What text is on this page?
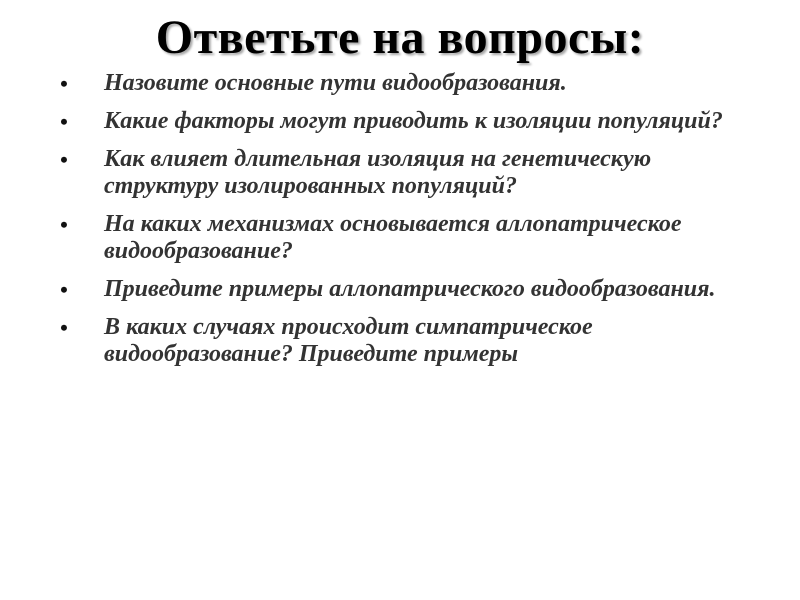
Ответьте на вопросы:
• Назовите основные пути видообразования.
• Какие факторы могут приводить к изоляции популяций?
• Как влияет длительная изоляция на генетическую структуру изолированных популяций?
• На каких механизмах основывается аллопатрическое видообразование?
• Приведите примеры аллопатрического видообразования.
• В каких случаях происходит симпатрическое видообразование? Приведите примеры
